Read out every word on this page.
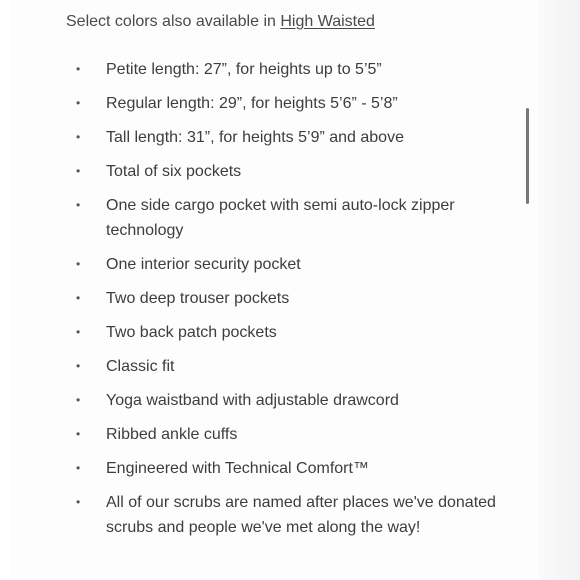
Select colors also available in High Waisted
• Petite length: 27”, for heights up to 5’5”
• Regular length: 29”, for heights 5’6” - 5’8”
• Tall length: 31”, for heights 5’9” and above
• Total of six pockets
• One side cargo pocket with semi auto-lock zipper technology
• One interior security pocket
• Two deep trouser pockets
• Two back patch pockets
• Classic fit
• Yoga waistband with adjustable drawcord
• Ribbed ankle cuffs
• Engineered with Technical Comfort™
• All of our scrubs are named after places we've donated scrubs and people we've met along the way!
